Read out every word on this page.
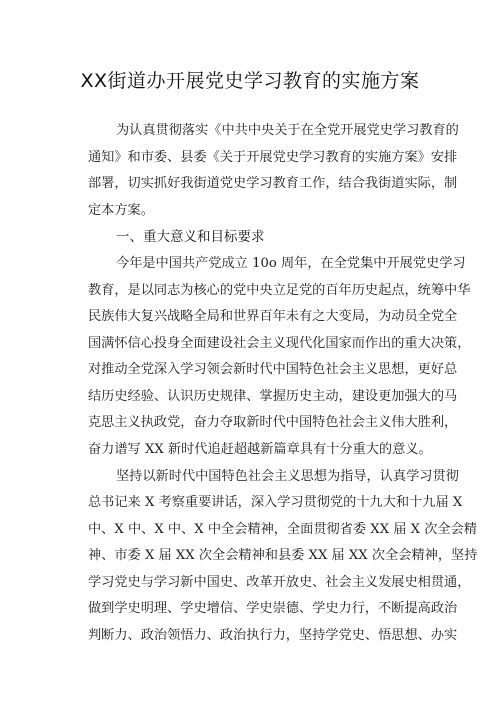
XX街道办开展党史学习教育的实施方案
为认真贯彻落实《中共中央关于在全党开展党史学习教育的
通知》和市委、县委《关于开展党史学习教育的实施方案》安排
部署，切实抓好我街道党史学习教育工作，结合我街道实际，制
定本方案。
一、重大意义和目标要求
今年是中国共产党成立 10o 周年，在全党集中开展党史学习
教育，是以同志为核心的党中央立足党的百年历史起点，统筹中华
民族伟大复兴战略全局和世界百年未有之大变局，为动员全党全
国满怀信心投身全面建设社会主义现代化国家而作出的重大决策，
对推动全党深入学习领会新时代中国特色社会主义思想，更好总
结历史经验、认识历史规律、掌握历史主动，建设更加强大的马
克思主义执政党，奋力夺取新时代中国特色社会主义伟大胜利，
奋力谱写 XX 新时代追赶超越新篇章具有十分重大的意义。
坚持以新时代中国特色社会主义思想为指导，认真学习贯彻
总书记来 X 考察重要讲话，深入学习贯彻党的十九大和十九届 X
中、X 中、X 中、X 中全会精神，全面贯彻省委 XX 届 X 次全会精
神、市委 X 届 XX 次全会精神和县委 XX 届 XX 次全会精神，坚持
学习党史与学习新中国史、改革开放史、社会主义发展史相贯通，
做到学史明理、学史增信、学史崇德、学史力行，不断提高政治
判断力、政治领悟力、政治执行力，坚持学党史、悟思想、办实
